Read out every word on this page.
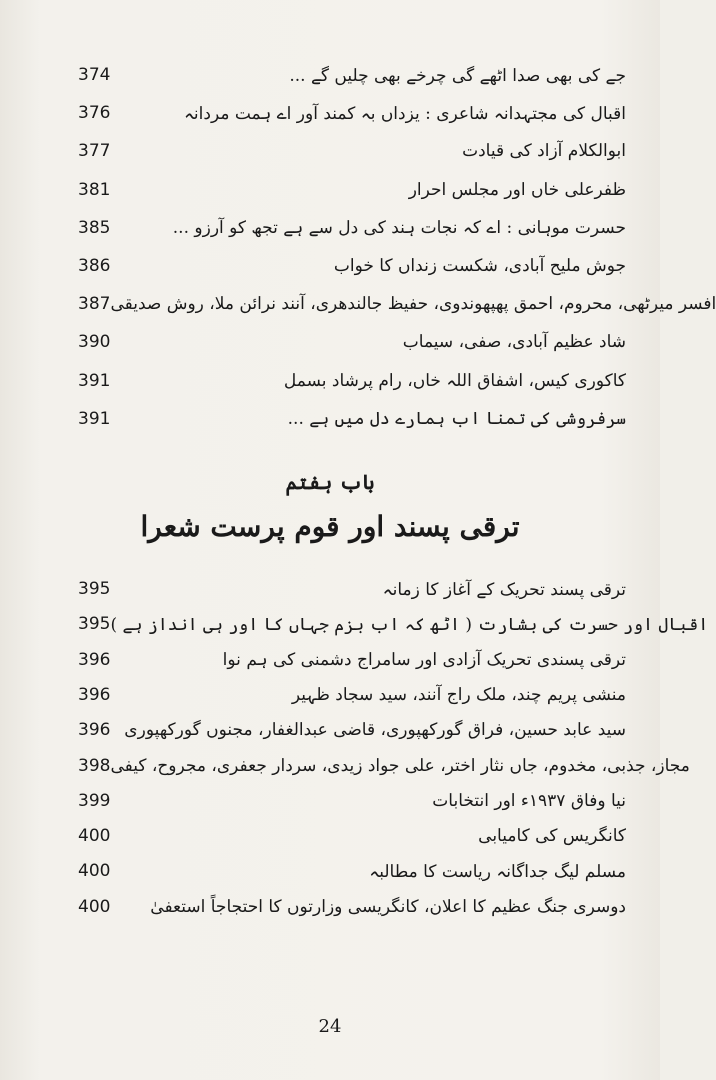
374	جے کی بھی صدا اٹھے گی چرخے بھی چلیں گے ...
376	اقبال کی مجتہدانہ شاعری : یزداں بہ کمند آور اے ہمت مردانہ
377	ابوالکلام آزاد کی قیادت
381	ظفرعلی خاں اور مجلس احرار
385	حسرت موہانی : اے کہ نجات ہند کی دل سے ہے تجھ کو آرزو ...
386	جوش ملیح آبادی، شکست زنداں کا خواب
387 افسر میرٹھی، محروم، احمق پھپھوندوی، حفیظ جالندھری، آنند نرائن ملا، روش صدیقی
390	شاد عظیم آبادی، صفی، سیماب
391	کاکوری کیس، اشفاق اللہ خاں، رام پرشاد بسمل
391	سرفروشی کی تمنا اب ہمارے دل میں ہے ...
باب ہفتم
ترقی پسند اور قوم پرست شعرا
395	ترقی پسند تحریک کے آغاز کا زمانہ
395 اقبال اور حسرت کی بشارت ( اٹھ کہ اب بزم جہاں کا اور ہی انداز ہے )
396	ترقی پسندی تحریک آزادی اور سامراج دشمنی کی ہم نوا
396	منشی پریم چند، ملک راج آنند، سید سجاد ظہیر
396 سید عابد حسین، فراق گورکھپوری، قاضی عبدالغفار، مجنوں گورکھپوری
398 مجاز، جذبی، مخدوم، جاں نثار اختر، علی جواد زیدی، سردار جعفری، مجروح، کیفی
399	نیا وفاق ۱۹۳۷ء اور انتخابات
400	کانگریس کی کامیابی
400	مسلم لیگ جداگانہ ریاست کا مطالبہ
400	دوسری جنگ عظیم کا اعلان، کانگریسی وزارتوں کا احتجاجاً استعفیٰ
24
